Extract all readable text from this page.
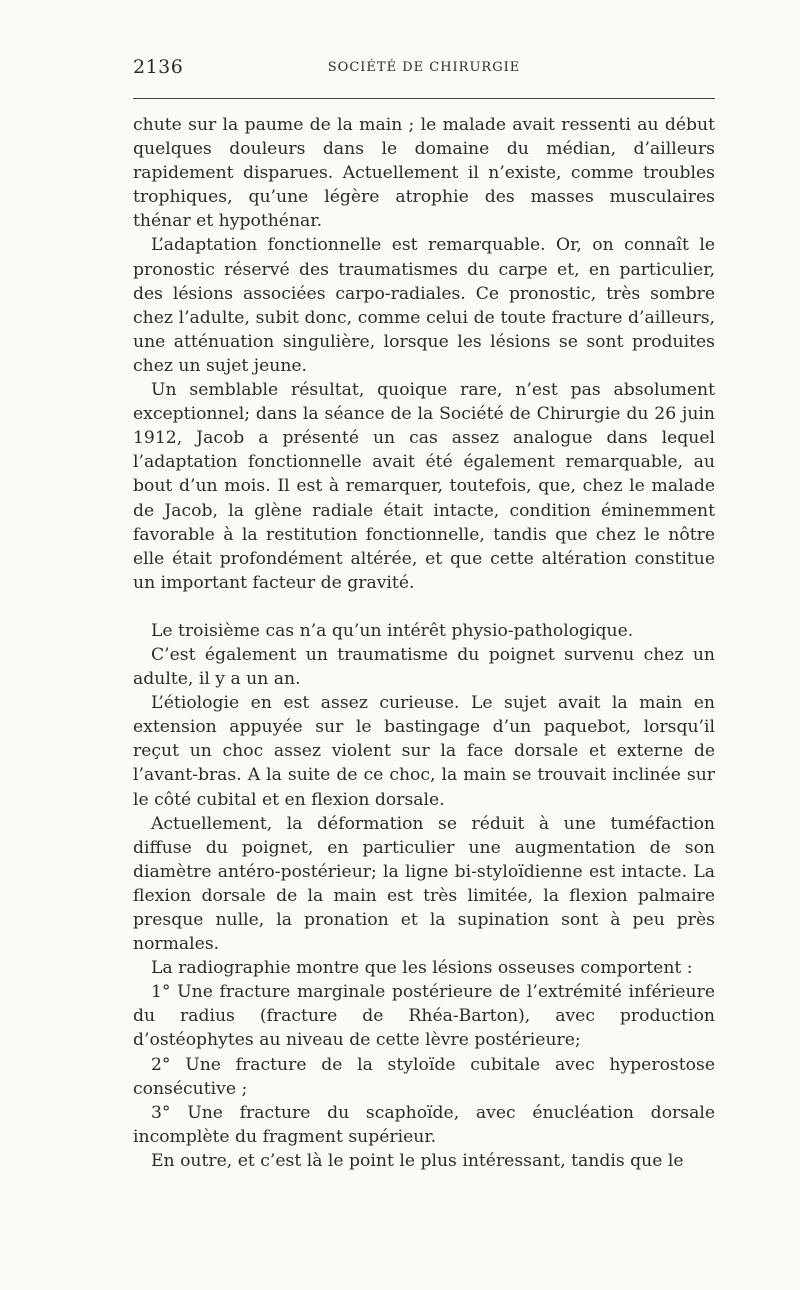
2136	SOCIÉTÉ DE CHIRURGIE

chute sur la paume de la main ; le malade avait ressenti au début quelques douleurs dans le domaine du médian, d’ailleurs rapidement disparues. Actuellement il n’existe, comme troubles trophiques, qu’une légère atrophie des masses musculaires thénar et hypothénar.

L’adaptation fonctionnelle est remarquable. Or, on connaît le pronostic réservé des traumatismes du carpe et, en particulier, des lésions associées carpo-radiales. Ce pronostic, très sombre chez l’adulte, subit donc, comme celui de toute fracture d’ailleurs, une atténuation singulière, lorsque les lésions se sont produites chez un sujet jeune.

Un semblable résultat, quoique rare, n’est pas absolument exceptionnel; dans la séance de la Société de Chirurgie du 26 juin 1912, Jacob a présenté un cas assez analogue dans lequel l’adaptation fonctionnelle avait été également remarquable, au bout d’un mois. Il est à remarquer, toutefois, que, chez le malade de Jacob, la glène radiale était intacte, condition éminemment favorable à la restitution fonctionnelle, tandis que chez le nôtre elle était profondément altérée, et que cette altération constitue un important facteur de gravité.

Le troisième cas n’a qu’un intérêt physio-pathologique.

C’est également un traumatisme du poignet survenu chez un adulte, il y a un an.

L’étiologie en est assez curieuse. Le sujet avait la main en extension appuyée sur le bastingage d’un paquebot, lorsqu’il reçut un choc assez violent sur la face dorsale et externe de l’avant-bras. A la suite de ce choc, la main se trouvait inclinée sur le côté cubital et en flexion dorsale.

Actuellement, la déformation se réduit à une tuméfaction diffuse du poignet, en particulier une augmentation de son diamètre antéro-postérieur; la ligne bi-styloïdienne est intacte. La flexion dorsale de la main est très limitée, la flexion palmaire presque nulle, la pronation et la supination sont à peu près normales.

La radiographie montre que les lésions osseuses comportent :

1° Une fracture marginale postérieure de l’extrémité inférieure du radius (fracture de Rhéa-Barton), avec production d’ostéophytes au niveau de cette lèvre postérieure;

2° Une fracture de la styloïde cubitale avec hyperostose consécutive ;

3° Une fracture du scaphoïde, avec énucléation dorsale incomplète du fragment supérieur.

En outre, et c’est là le point le plus intéressant, tandis que le
